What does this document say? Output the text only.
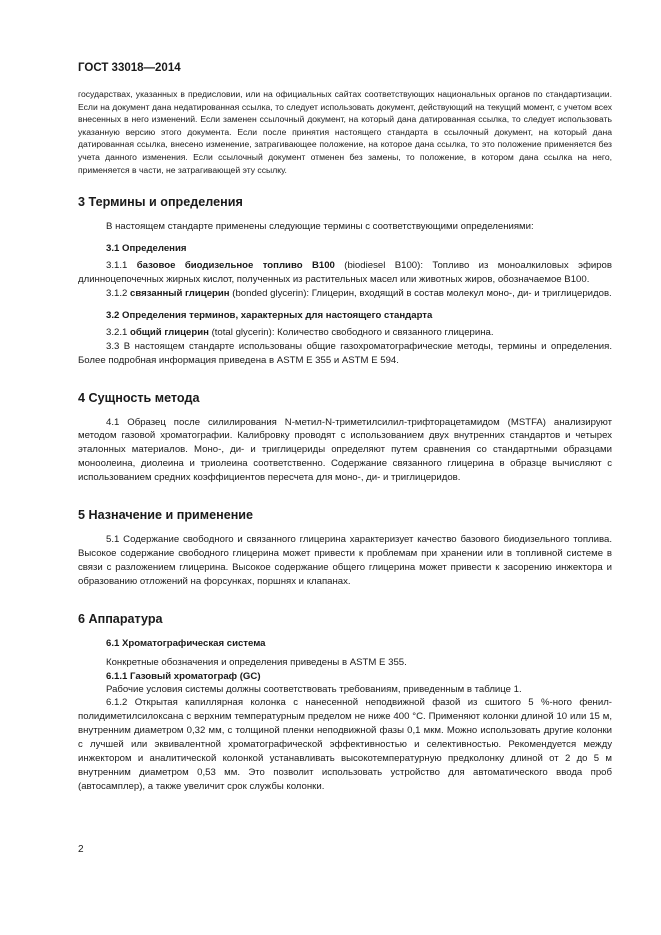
ГОСТ 33018—2014

государствах, указанных в предисловии, или на официальных сайтах соответствующих национальных органов по стандартизации. Если на документ дана недатированная ссылка, то следует использовать документ, действующий на текущий момент, с учетом всех внесенных в него изменений. Если заменен ссылочный документ, на который дана датированная ссылка, то следует использовать указанную версию этого документа. Если после принятия настоящего стандарта в ссылочный документ, на который дана датированная ссылка, внесено изменение, затрагивающее положение, на которое дана ссылка, то это положение применяется без учета данного изменения. Если ссылочный документ отменен без замены, то положение, в котором дана ссылка на него, применяется в части, не затрагивающей эту ссылку.

3 Термины и определения

В настоящем стандарте применены следующие термины с соответствующими определениями:

3.1 Определения

3.1.1 базовое биодизельное топливо В100 (biodiesel В100): Топливо из моноалкиловых эфиров длинноцепочечных жирных кислот, полученных из растительных масел или животных жиров, обозначаемое В100.

3.1.2 связанный глицерин (bonded glycerin): Глицерин, входящий в состав молекул моно-, ди- и триглицеридов.

3.2 Определения терминов, характерных для настоящего стандарта

3.2.1 общий глицерин (total glycerin): Количество свободного и связанного глицерина.

3.3 В настоящем стандарте использованы общие газохроматографические методы, термины и определения. Более подробная информация приведена в ASTM E 355 и ASTM E 594.

4 Сущность метода

4.1 Образец после силилирования N-метил-N-триметилсилил-трифторацетамидом (MSTFA) анализируют методом газовой хроматографии. Калибровку проводят с использованием двух внутренних стандартов и четырех эталонных материалов. Моно-, ди- и триглицериды определяют путем сравнения со стандартными образцами моноолеина, диолеина и триолеина соответственно. Содержание связанного глицерина в образце вычисляют с использованием средних коэффициентов пересчета для моно-, ди- и триглицеридов.

5 Назначение и применение

5.1 Содержание свободного и связанного глицерина характеризует качество базового биодизельного топлива. Высокое содержание свободного глицерина может привести к проблемам при хранении или в топливной системе в связи с разложением глицерина. Высокое содержание общего глицерина может привести к засорению инжектора и образованию отложений на форсунках, поршнях и клапанах.

6 Аппаратура
6.1 Хроматографическая система

Конкретные обозначения и определения приведены в ASTM E 355.

6.1.1 Газовый хроматограф (GC)

Рабочие условия системы должны соответствовать требованиям, приведенным в таблице 1.

6.1.2 Открытая капиллярная колонка с нанесенной неподвижной фазой из сшитого 5 %-ного фенил-полидиметилсилоксана с верхним температурным пределом не ниже 400 °С. Применяют колонки длиной 10 или 15 м, внутренним диаметром 0,32 мм, с толщиной пленки неподвижной фазы 0,1 мкм. Можно использовать другие колонки с лучшей или эквивалентной хроматографической эффективностью и селективностью. Рекомендуется между инжектором и аналитической колонкой устанавливать высокотемпературную предколонку длиной от 2 до 5 м внутренним диаметром 0,53 мм. Это позволит использовать устройство для автоматического ввода проб (автосамплер), а также увеличит срок службы колонки.

2
